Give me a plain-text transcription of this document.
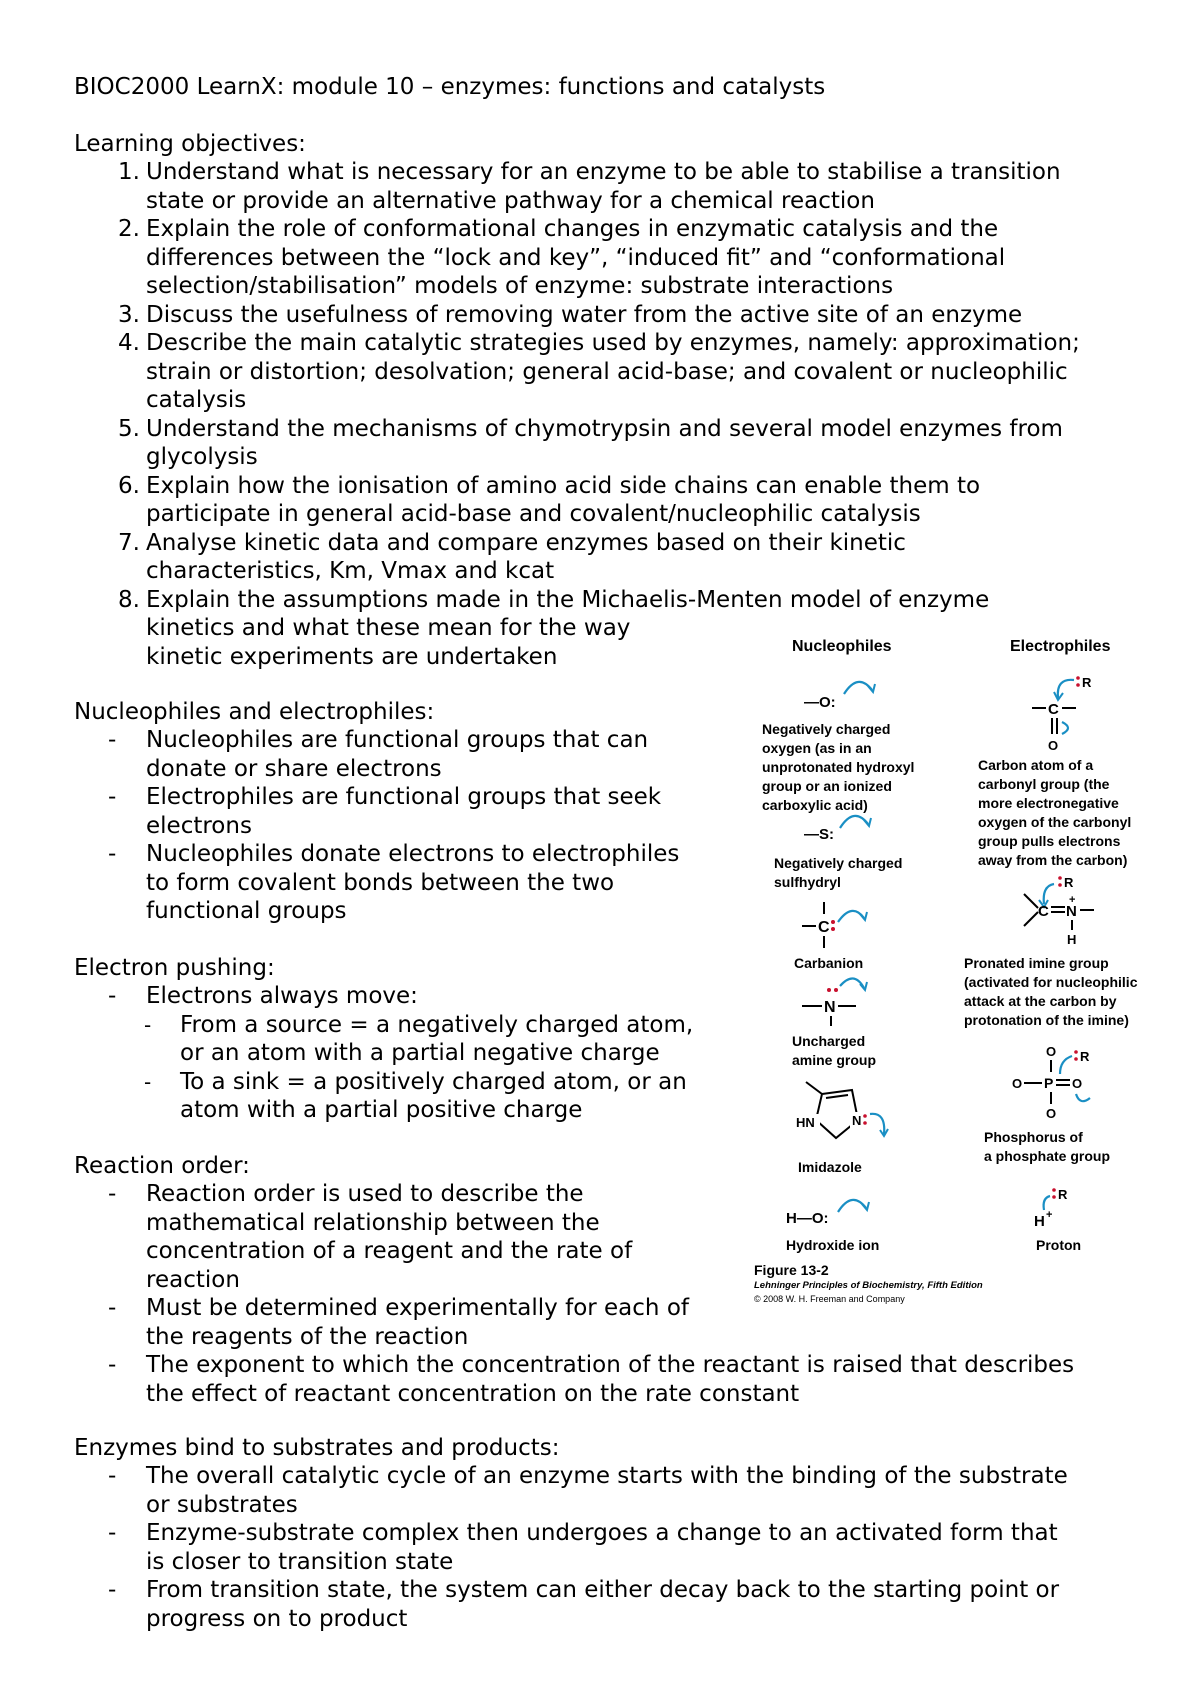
BIOC2000 LearnX: module 10 – enzymes: functions and catalysts
Learning objectives:
1. Understand what is necessary for an enzyme to be able to stabilise a transition
state or provide an alternative pathway for a chemical reaction
2. Explain the role of conformational changes in enzymatic catalysis and the
differences between the “lock and key”, “induced fit” and “conformational
selection/stabilisation” models of enzyme: substrate interactions
3. Discuss the usefulness of removing water from the active site of an enzyme
4. Describe the main catalytic strategies used by enzymes, namely: approximation;
strain or distortion; desolvation; general acid-base; and covalent or nucleophilic
catalysis
5. Understand the mechanisms of chymotrypsin and several model enzymes from
glycolysis
6. Explain how the ionisation of amino acid side chains can enable them to
participate in general acid-base and covalent/nucleophilic catalysis
7. Analyse kinetic data and compare enzymes based on their kinetic
characteristics, Km, Vmax and kcat
8. Explain the assumptions made in the Michaelis-Menten model of enzyme
kinetics and what these mean for the way
kinetic experiments are undertaken
Nucleophiles and electrophiles:
- Nucleophiles are functional groups that can
donate or share electrons
- Electrophiles are functional groups that seek
electrons
- Nucleophiles donate electrons to electrophiles
to form covalent bonds between the two
functional groups
Electron pushing:
- Electrons always move:
- From a source = a negatively charged atom,
or an atom with a partial negative charge
- To a sink = a positively charged atom, or an
atom with a partial positive charge
Reaction order:
- Reaction order is used to describe the
mathematical relationship between the
concentration of a reagent and the rate of
reaction
- Must be determined experimentally for each of
the reagents of the reaction
- The exponent to which the concentration of the reactant is raised that describes
the effect of reactant concentration on the rate constant
Enzymes bind to substrates and products:
- The overall catalytic cycle of an enzyme starts with the binding of the substrate
or substrates
- Enzyme-substrate complex then undergoes a change to an activated form that
is closer to transition state
- From transition state, the system can either decay back to the starting point or
progress on to product
Nucleophiles	Electrophiles
—O:
Negatively charged
oxygen (as in an
unprotonated hydroxyl
group or an ionized
carboxylic acid)
—S:
Negatively charged
sulfhydryl
C
Carbanion
N
Uncharged
amine group
HN	N
Imidazole
H—O:
Hydroxide ion
R
C
O
Carbon atom of a
carbonyl group (the
more electronegative
oxygen of the carbonyl
group pulls electrons
away from the carbon)
R
C N
+
H
Pronated imine group
(activated for nucleophilic
attack at the carbon by
protonation of the imine)
O R
O P O
O
Phosphorus of
a phosphate group
R
H +
Proton
Figure 13-2
Lehninger Principles of Biochemistry, Fifth Edition
© 2008 W. H. Freeman and Company
